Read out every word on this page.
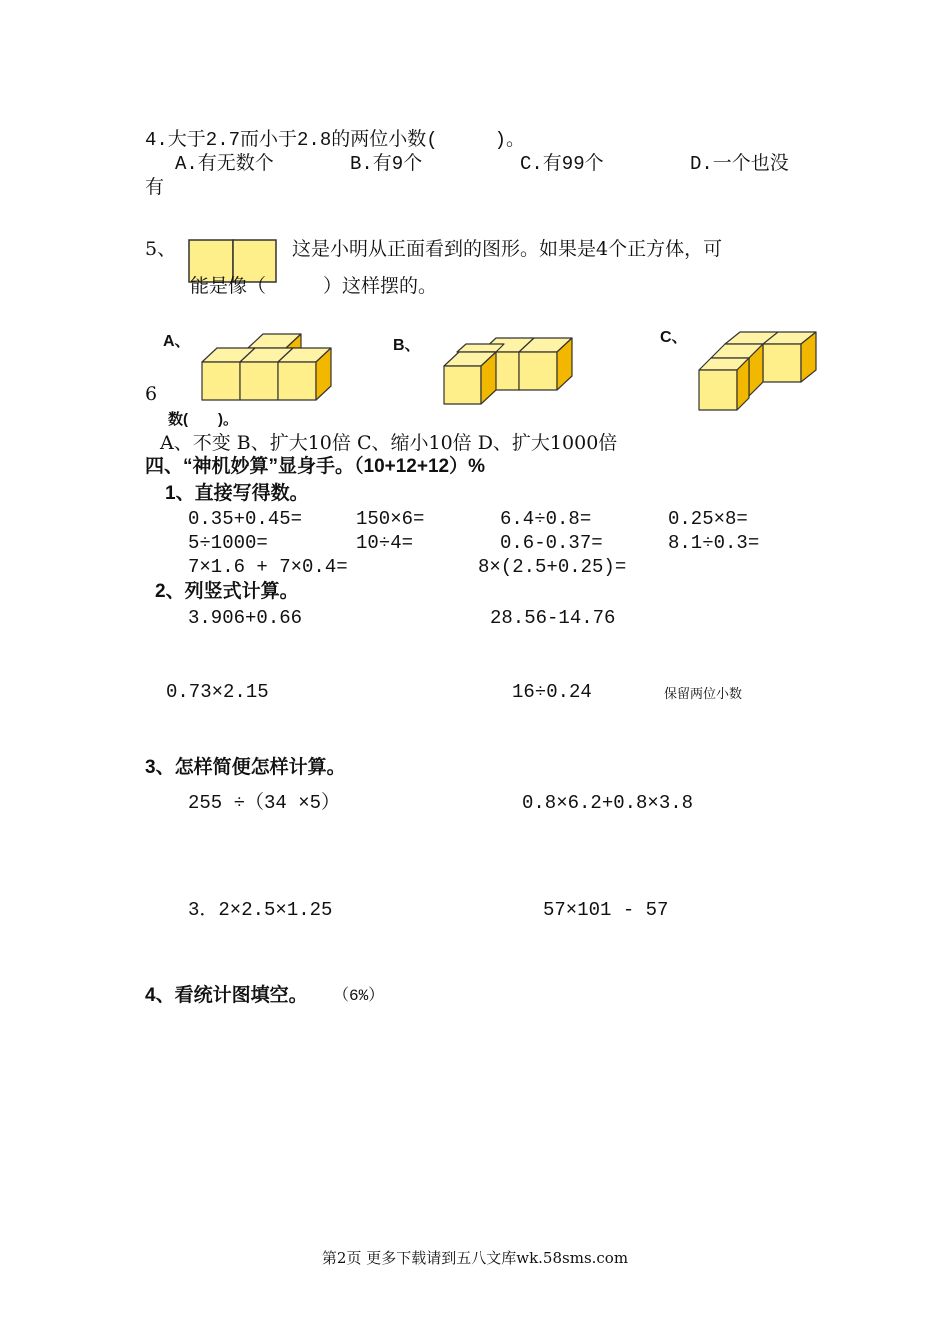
4.大于2.7而小于2.8的两位小数(　　　)。
A.有无数个	B.有9个	C.有99个	D.一个也没
有
5、	这是小明从正面看到的图形。如果是4个正方体，可
能是像（　　　）这样摆的。
A、	B、	C、
6
数(　　)。
A、不变 B、扩大10倍 C、缩小10倍 D、扩大1000倍
四、“神机妙算”显身手。（10+12+12）%
1、直接写得数。
0.35+0.45=	150×6=	6.4÷0.8=	0.25×8=
5÷1000=	10÷4=	0.6-0.37=	8.1÷0.3=
7×1.6 + 7×0.4=	8×(2.5+0.25)=
2、列竖式计算。
3.906+0.66	28.56-14.76
0.73×2.15	16÷0.24	保留两位小数
3、怎样简便怎样计算。
255 ÷（34 ×5）	0.8×6.2+0.8×3.8
3．2×2.5×1.25	57×101 - 57
4、看统计图填空。 （6%）
第2页 更多下载请到五八文库wk.58sms.com
